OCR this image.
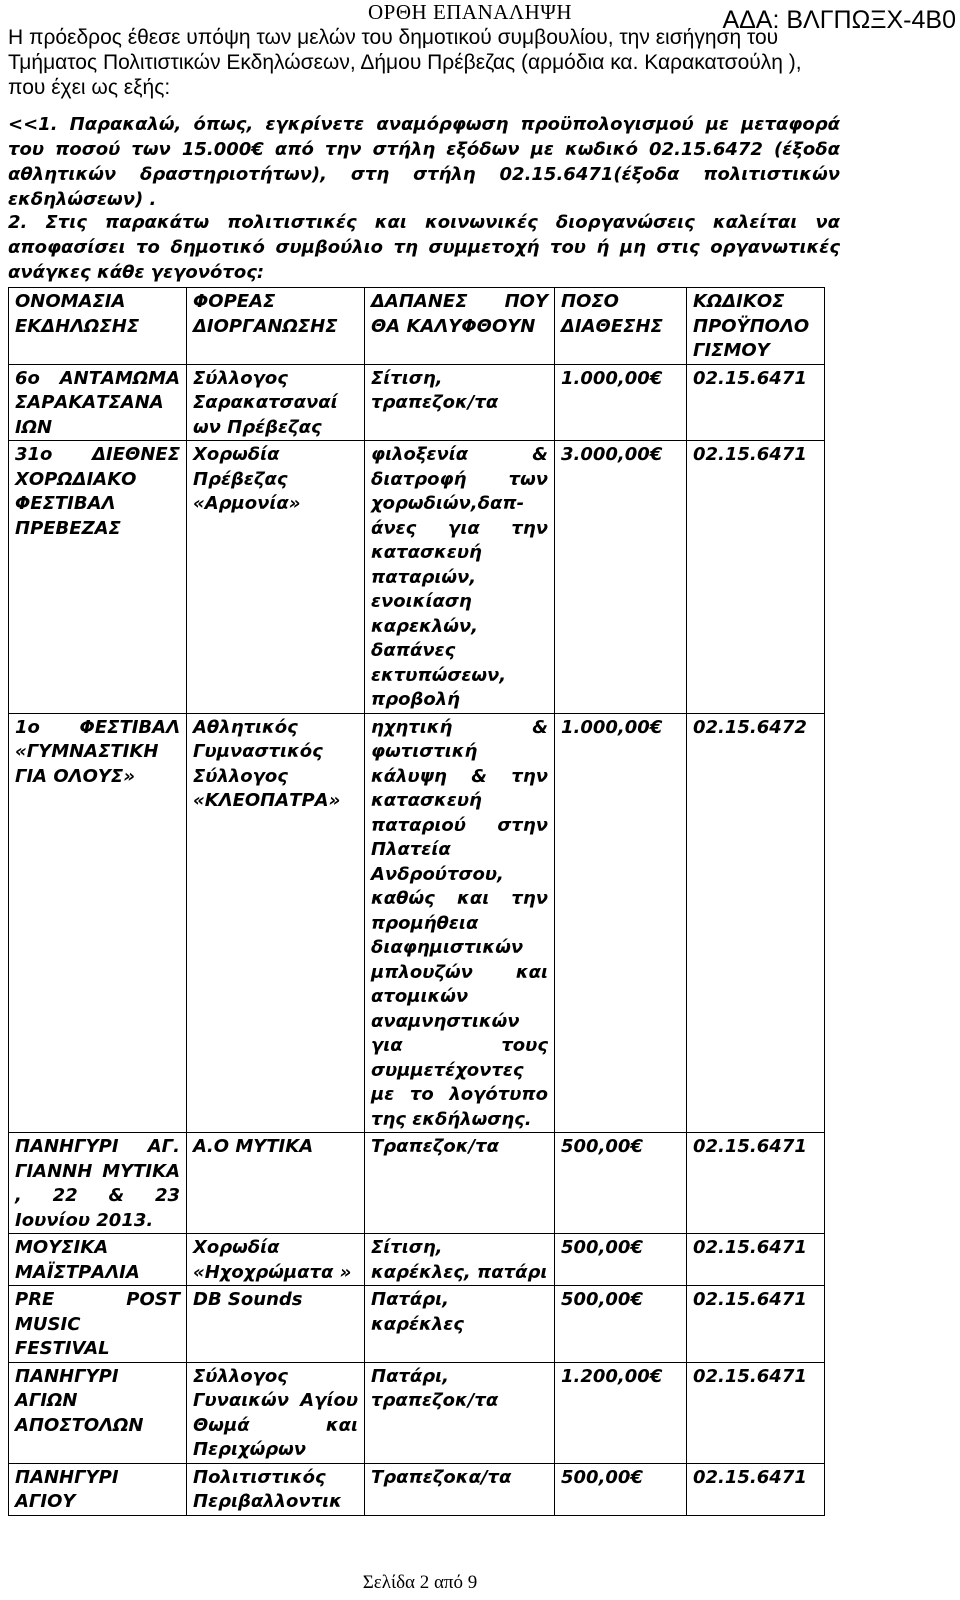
ΟΡΘΗ ΕΠΑΝΑΛΗΨΗ	ΑΔΑ: ΒΛΓΠΩΞΧ-4Β0
Η πρόεδρος έθεσε υπόψη των μελών του δημοτικού συμβουλίου, την εισήγηση του Τμήματος Πολιτιστικών Εκδηλώσεων, Δήμου Πρέβεζας (αρμόδια κα. Καρακατσούλη ), που έχει ως εξής:
<<1. Παρακαλώ, όπως, εγκρίνετε αναμόρφωση προϋπολογισμού με μεταφορά του ποσού των 15.000€ από την στήλη εξόδων με κωδικό 02.15.6472 (έξοδα αθλητικών δραστηριοτήτων), στη στήλη 02.15.6471(έξοδα πολιτιστικών εκδηλώσεων) .
2. Στις παρακάτω πολιτιστικές και κοινωνικές διοργανώσεις καλείται να αποφασίσει το δημοτικό συμβούλιο τη συμμετοχή του ή μη στις οργανωτικές ανάγκες κάθε γεγονότος:
ΟΝΟΜΑΣΙΑ ΕΚΔΗΛΩΣΗΣ	ΦΟΡΕΑΣ ΔΙΟΡΓΑΝΩΣΗΣ	ΔΑΠΑΝΕΣ ΠΟΥ ΘΑ ΚΑΛΥΦΘΟΥΝ	ΠΟΣΟ ΔΙΑΘΕΣΗΣ	ΚΩΔΙΚΟΣ ΠΡΟΫΠΟΛΟ ΓΙΣΜΟΥ
6ο ΑΝΤΑΜΩΜΑ ΣΑΡΑΚΑΤΣΑΝΑ ΙΩΝ	Σύλλογος Σαρακατσαναί ων Πρέβεζας	Σίτιση, τραπεζοκ/τα	1.000,00€	02.15.6471
31ο ΔΙΕΘΝΕΣ ΧΟΡΩΔΙΑΚΟ ΦΕΣΤΙΒΑΛ ΠΡΕΒΕΖΑΣ	Χορωδία Πρέβεζας «Αρμονία»	φιλοξενία & διατροφή των χορωδιών,δαπ-άνες για την κατασκευή παταριών, ενοικίαση καρεκλών, δαπάνες εκτυπώσεων, προβολή	3.000,00€	02.15.6471
1ο ΦΕΣΤΙΒΑΛ «ΓΥΜΝΑΣΤΙΚΗ ΓΙΑ ΟΛΟΥΣ»	Αθλητικός Γυμναστικός Σύλλογος «ΚΛΕΟΠΑΤΡΑ»	ηχητική & φωτιστική κάλυψη & την κατασκευή παταριού στην Πλατεία Ανδρούτσου, καθώς και την προμήθεια διαφημιστικών μπλουζών και ατομικών αναμνηστικών για τους συμμετέχοντες με το λογότυπο της εκδήλωσης.	1.000,00€	02.15.6472
ΠΑΝΗΓΥΡΙ ΑΓ. ΓΙΑΝΝΗ ΜΥΤΙΚΑ , 22 & 23 Ιουνίου 2013.	Α.Ο ΜΥΤΙΚΑ	Τραπεζοκ/τα	500,00€	02.15.6471
ΜΟΥΣΙΚΑ ΜΑΪΣΤΡΑΛΙΑ	Χορωδία «Ηχοχρώματα »	Σίτιση, καρέκλες, πατάρι	500,00€	02.15.6471
PRE POST MUSIC FESTIVAL	DB Sounds	Πατάρι, καρέκλες	500,00€	02.15.6471
ΠΑΝΗΓΥΡΙ ΑΓΙΩΝ ΑΠΟΣΤΟΛΩΝ	Σύλλογος Γυναικών Αγίου Θωμά και Περιχώρων	Πατάρι, τραπεζοκ/τα	1.200,00€	02.15.6471
ΠΑΝΗΓΥΡΙ ΑΓΙΟΥ	Πολιτιστικός Περιβαλλοντικ	Τραπεζοκα/τα	500,00€	02.15.6471
Σελίδα 2 από 9
